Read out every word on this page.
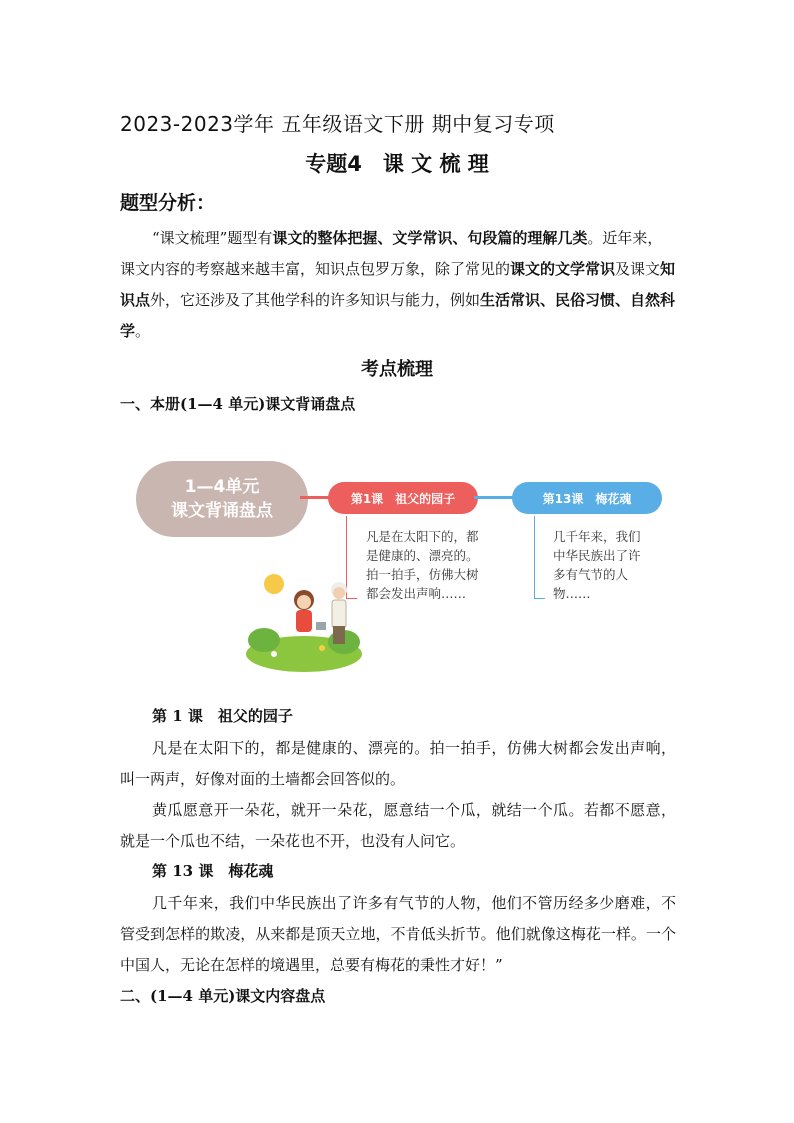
2023-2023学年 五年级语文下册 期中复习专项
专题4　课 文 梳 理
题型分析：
“课文梳理”题型有课文的整体把握、文学常识、句段篇的理解几类。近年来，课文内容的考察越来越丰富，知识点包罗万象，除了常见的课文的文学常识及课文知识点外，它还涉及了其他学科的许多知识与能力，例如生活常识、民俗习惯、自然科学。
考点梳理
一、本册(1—4 单元)课文背诵盘点
1—4单元
课文背诵盘点
第1课　祖父的园子	第13课　梅花魂
凡是在太阳下的，都
是健康的、漂亮的。
拍一拍手，仿佛大树
都会发出声响……
几千年来，我们
中华民族出了许
多有气节的人
物……
第 1 课　祖父的园子
凡是在太阳下的，都是健康的、漂亮的。拍一拍手，仿佛大树都会发出声响，叫一两声，好像对面的土墙都会回答似的。
黄瓜愿意开一朵花，就开一朵花，愿意结一个瓜，就结一个瓜。若都不愿意，就是一个瓜也不结，一朵花也不开，也没有人问它。
第 13 课　梅花魂
几千年来，我们中华民族出了许多有气节的人物，他们不管历经多少磨难，不管受到怎样的欺凌，从来都是顶天立地，不肯低头折节。他们就像这梅花一样。一个中国人，无论在怎样的境遇里，总要有梅花的秉性才好！”
二、(1—4 单元)课文内容盘点
